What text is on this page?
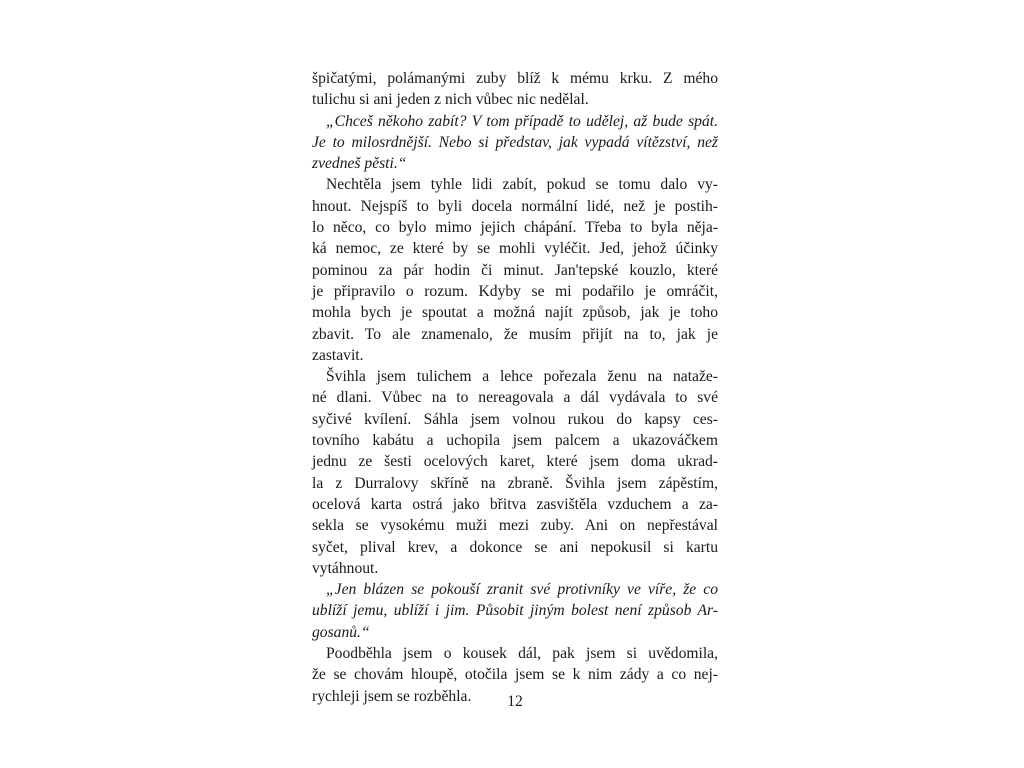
špičatými, polámanými zuby blíž k mému krku. Z mého
tulichu si ani jeden z nich vůbec nic nedělal.
„Chceš někoho zabít? V tom případě to udělej, až bude spát.
Je to milosrdnější. Nebo si představ, jak vypadá vítězství, než
zvedneš pěsti.“
Nechtěla jsem tyhle lidi zabít, pokud se tomu dalo vy-
hnout. Nejspíš to byli docela normální lidé, než je postih-
lo něco, co bylo mimo jejich chápání. Třeba to byla něja-
ká nemoc, ze které by se mohli vyléčit. Jed, jehož účinky
pominou za pár hodin či minut. Jan'tepské kouzlo, které
je připravilo o rozum. Kdyby se mi podařilo je omráčit,
mohla bych je spoutat a možná najít způsob, jak je toho
zbavit. To ale znamenalo, že musím přijít na to, jak je
zastavit.
Švihla jsem tulichem a lehce pořezala ženu na nataže-
né dlani. Vůbec na to nereagovala a dál vydávala to své
syčivé kvílení. Sáhla jsem volnou rukou do kapsy ces-
tovního kabátu a uchopila jsem palcem a ukazováčkem
jednu ze šesti ocelových karet, které jsem doma ukrad-
la z Durralovy skříně na zbraně. Švihla jsem zápěstím,
ocelová karta ostrá jako břitva zasvištěla vzduchem a za-
sekla se vysokému muži mezi zuby. Ani on nepřestával
syčet, plival krev, a dokonce se ani nepokusil si kartu
vytáhnout.
„Jen blázen se pokouší zranit své protivníky ve víře, že co
ublíží jemu, ublíží i jim. Působit jiným bolest není způsob Ar-
gosanů.“
Poodběhla jsem o kousek dál, pak jsem si uvědomila,
že se chovám hloupě, otočila jsem se k nim zády a co nej-
rychleji jsem se rozběhla.	12
